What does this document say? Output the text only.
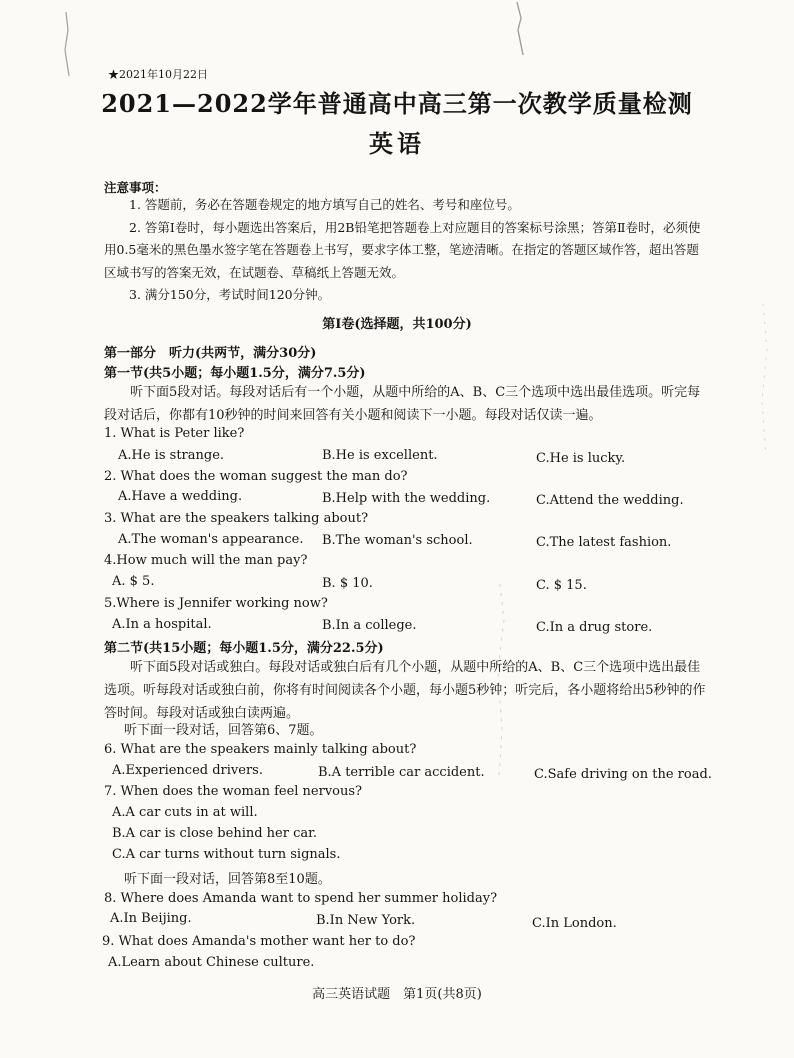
★2021年10月22日
2021—2022学年普通高中高三第一次教学质量检测
英语
注意事项：

1. 答题前，务必在答题卷规定的地方填写自己的姓名、考号和座位号。

2. 答第Ⅰ卷时，每小题选出答案后，用2B铅笔把答题卷上对应题目的答案标号涂黑；答第Ⅱ卷时，必须使用0.5毫米的黑色墨水签字笔在答题卷上书写，要求字体工整，笔迹清晰。在指定的答题区域作答，超出答题区域书写的答案无效，在试题卷、草稿纸上答题无效。

3. 满分150分，考试时间120分钟。

第Ⅰ卷(选择题，共100分)
第一部分　听力(共两节，满分30分)
第一节(共5小题；每小题1.5分，满分7.5分)

听下面5段对话。每段对话后有一个小题，从题中所给的A、B、C三个选项中选出最佳选项。听完每段对话后，你都有10秒钟的时间来回答有关小题和阅读下一小题。每段对话仅读一遍。

1. What is Peter like?
A.He is strange.	B.He is excellent.	C.He is lucky.
2. What does the woman suggest the man do?
A.Have a wedding.	B.Help with the wedding.	C.Attend the wedding.
3. What are the speakers talking about?
A.The woman's appearance. B.The woman's school.	C.The latest fashion.
4.How much will the man pay?
A. $ 5.	B. $ 10.	C. $ 15.
5.Where is Jennifer working now?
A.In a hospital.	B.In a college.	C.In a drug store.
第二节(共15小题；每小题1.5分，满分22.5分)

听下面5段对话或独白。每段对话或独白后有几个小题，从题中所给的A、B、C三个选项中选出最佳选项。听每段对话或独白前，你将有时间阅读各个小题，每小题5秒钟；听完后，各小题将给出5秒钟的作答时间。每段对话或独白读两遍。

听下面一段对话，回答第6、7题。
6. What are the speakers mainly talking about?
A.Experienced drivers.	B.A terrible car accident.	C.Safe driving on the road.
7. When does the woman feel nervous?
A.A car cuts in at will.
B.A car is close behind her car.
C.A car turns without turn signals.
听下面一段对话，回答第8至10题。
8. Where does Amanda want to spend her summer holiday?
A.In Beijing.	B.In New York.	C.In London.
9. What does Amanda's mother want her to do?
A.Learn about Chinese culture.
高三英语试题　第1页(共8页)
